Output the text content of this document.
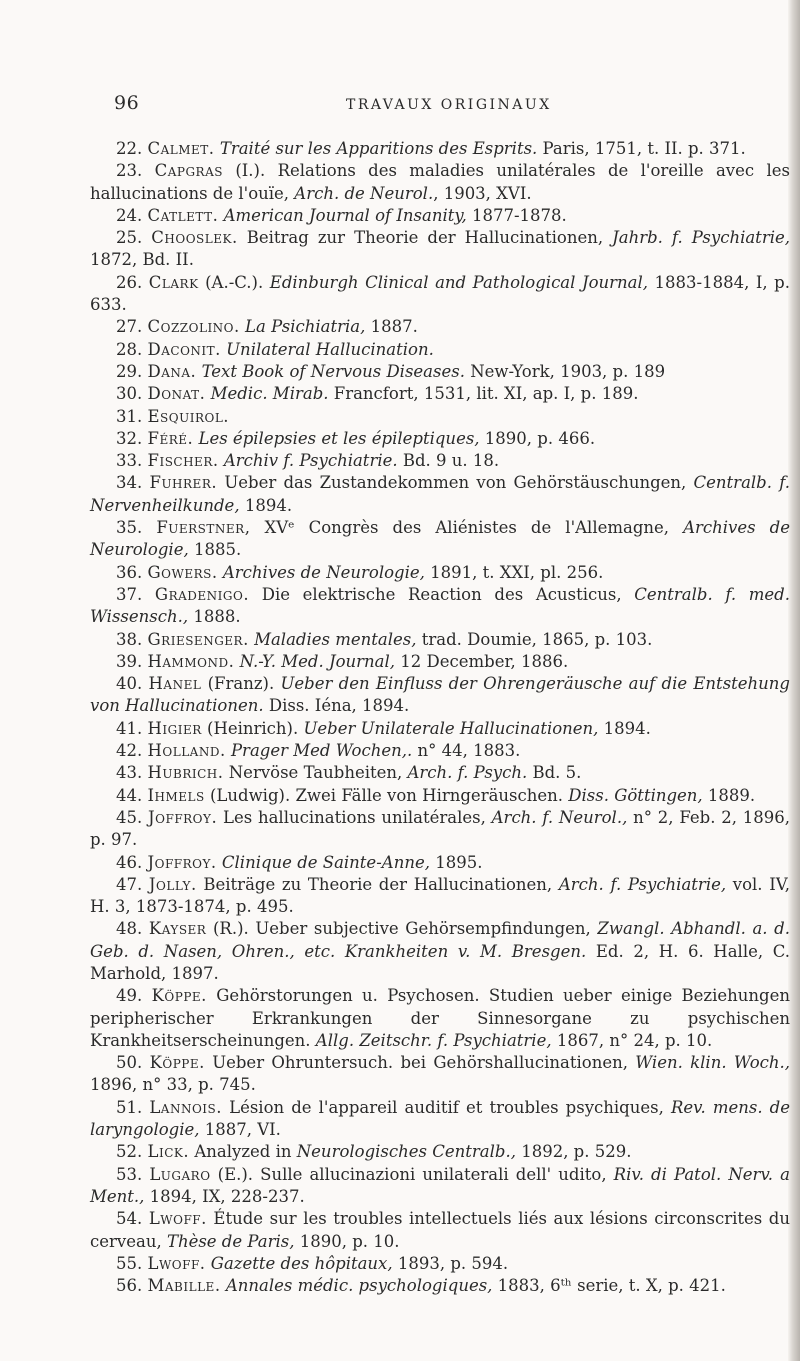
96	TRAVAUX ORIGINAUX

22. Calmet. Traité sur les Apparitions des Esprits. Paris, 1751, t. II. p. 371.

23. Capgras (I.). Relations des maladies unilatérales de l'oreille avec les hallucinations de l'ouïe, Arch. de Neurol., 1903, XVI.

24. Catlett. American Journal of Insanity, 1877-1878.

25. Chooslek. Beitrag zur Theorie der Hallucinationen, Jahrb. f. Psychiatrie, 1872, Bd. II.

26. Clark (A.-C.). Edinburgh Clinical and Pathological Journal, 1883-1884, I, p. 633.

27. Cozzolino. La Psichiatria, 1887.

28. Daconit. Unilateral Hallucination.

29. Dana. Text Book of Nervous Diseases. New-York, 1903, p. 189

30. Donat. Medic. Mirab. Francfort, 1531, lit. XI, ap. I, p. 189.

31. Esquirol.

32. Féré. Les épilepsies et les épileptiques, 1890, p. 466.

33. Fischer. Archiv f. Psychiatrie. Bd. 9 u. 18.

34. Fuhrer. Ueber das Zustandekommen von Gehörstäuschungen, Centralb. f. Nervenheilkunde, 1894.

35. Fuerstner, XVᵉ Congrès des Aliénistes de l'Allemagne, Archives de Neurologie, 1885.

36. Gowers. Archives de Neurologie, 1891, t. XXI, pl. 256.

37. Gradenigo. Die elektrische Reaction des Acusticus, Centralb. f. med. Wissensch., 1888.

38. Griesenger. Maladies mentales, trad. Doumie, 1865, p. 103.

39. Hammond. N.-Y. Med. Journal, 12 December, 1886.

40. Hanel (Franz). Ueber den Einfluss der Ohrengeräusche auf die Entstehung von Hallucinationen. Diss. Iéna, 1894.

41. Higier (Heinrich). Ueber Unilaterale Hallucinationen, 1894.

42. Holland. Prager Med Wochen,. n° 44, 1883.

43. Hubrich. Nervöse Taubheiten, Arch. f. Psych. Bd. 5.

44. Ihmels (Ludwig). Zwei Fälle von Hirngeräuschen. Diss. Göttingen, 1889.

45. Joffroy. Les hallucinations unilatérales, Arch. f. Neurol., n° 2, Feb. 2, 1896, p. 97.

46. Joffroy. Clinique de Sainte-Anne, 1895.

47. Jolly. Beiträge zu Theorie der Hallucinationen, Arch. f. Psychiatrie, vol. IV, H. 3, 1873-1874, p. 495.

48. Kayser (R.). Ueber subjective Gehörsempfindungen, Zwangl. Abhandl. a. d. Geb. d. Nasen, Ohren., etc. Krankheiten v. M. Bresgen. Ed. 2, H. 6. Halle, C. Marhold, 1897.

49. Köppe. Gehörstorungen u. Psychosen. Studien ueber einige Beziehungen peripherischer Erkrankungen der Sinnesorgane zu psychischen Krankheitserscheinungen. Allg. Zeitschr. f. Psychiatrie, 1867, n° 24, p. 10.

50. Köppe. Ueber Ohruntersuch. bei Gehörshallucinationen, Wien. klin. Woch., 1896, n° 33, p. 745.

51. Lannois. Lésion de l'appareil auditif et troubles psychiques, Rev. mens. de laryngologie, 1887, VI.

52. Lick. Analyzed in Neurologisches Centralb., 1892, p. 529.

53. Lugaro (E.). Sulle allucinazioni unilaterali dell' udito, Riv. di Patol. Nerv. a Ment., 1894, IX, 228-237.

54. Lwoff. Étude sur les troubles intellectuels liés aux lésions circonscrites du cerveau, Thèse de Paris, 1890, p. 10.

55. Lwoff. Gazette des hôpitaux, 1893, p. 594.

56. Mabille. Annales médic. psychologiques, 1883, 6ᵗʰ serie, t. X, p. 421.
